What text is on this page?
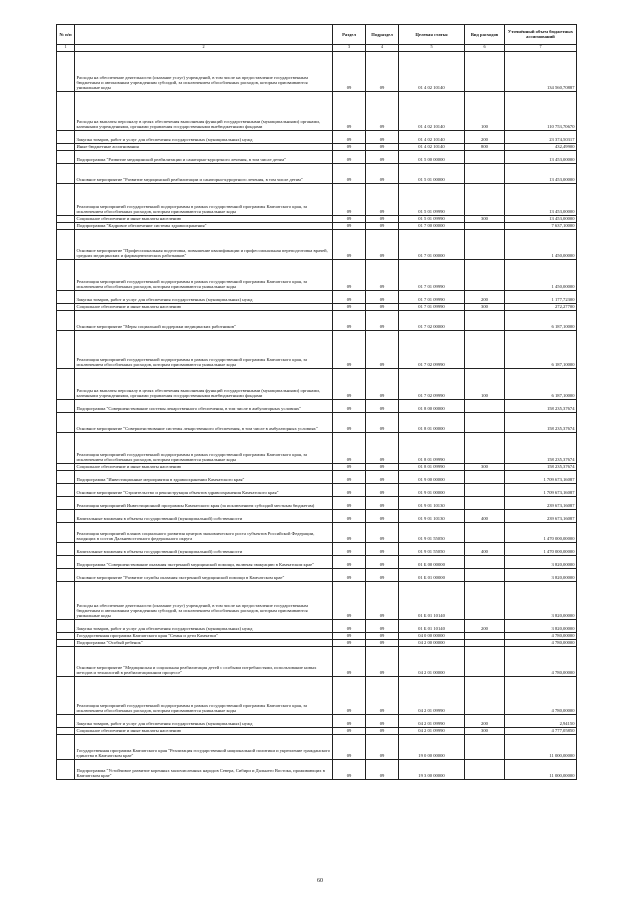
№ п/п		Раздел	Подраздел	Целевая статья	Вид расходов	Уточнённый объем бюджетных ассигнований
1	2	3	4	5	6	7
	Расходы на обеспечение деятельности (оказание услуг) учреждений, в том числе на предоставление государственным бюджетным и автономным учреждениям субсидий, за исключением обособленных расходов, которым присваиваются уникальные коды	09	09	01 4 02 10140		134 560,70887
	Расходы на выплаты персоналу в целях обеспечения выполнения функций государственными (муниципальными) органами, казенными учреждениями, органами управления государственными внебюджетными фондами	09	09	01 4 02 10140	100	110 753,70670
	Закупка товаров, работ и услуг для обеспечения государственных (муниципальных) нужд	09	09	01 4 02 10140	200	23 374,50317
	Иные бюджетные ассигнования	09	09	01 4 02 10140	800	432,49900
	Подпрограмма "Развитие медицинской реабилитации и санаторно-курортного лечения, в том числе детям"	09	09	01 5 00 00000		13 453,00000
	Основное мероприятие "Развитие медицинской реабилитации и санаторно-курортного лечения, в том числе детям"	09	09	01 5 01 00000		13 453,00000
	Реализация мероприятий государственной подпрограммы в рамках государственной программы Камчатского края, за исключением обособленных расходов, которым присваиваются уникальные коды	09	09	01 5 01 09990		13 453,00000
	Социальное обеспечение и иные выплаты населению	09	09	01 5 01 09990	300	13 453,00000
	Подпрограмма "Кадровое обеспечение системы здравоохранения"	09	09	01 7 00 00000		7 637,10000
	Основное мероприятие "Профессиональная подготовка, повышение квалификации и профессиональная переподготовка врачей, средних медицинских и фармацевтических работников"	09	09	01 7 01 00000		1 450,00000
	Реализация мероприятий государственной подпрограммы в рамках государственной программы Камчатского края, за исключением обособленных расходов, которым присваиваются уникальные коды	09	09	01 7 01 09990		1 450,00000
	Закупка товаров, работ и услуг для обеспечения государственных (муниципальных) нужд	09	09	01 7 01 09990	200	1 177,72300
	Социальное обеспечение и иные выплаты населению	09	09	01 7 01 09990	300	272,27700
	Основное мероприятие "Меры социальной поддержки медицинских работников"	09	09	01 7 02 00000		6 187,10000
	Реализация мероприятий государственной подпрограммы в рамках государственной программы Камчатского края, за исключением обособленных расходов, которым присваиваются уникальные коды	09	09	01 7 02 09990		6 187,10000
	Расходы на выплаты персоналу в целях обеспечения выполнения функций государственными (муниципальными) органами, казенными учреждениями, органами управления государственными внебюджетными фондами	09	09	01 7 02 09990	100	6 187,10000
	Подпрограмма "Совершенствование системы лекарственного обеспечения, в том числе в амбулаторных условиях"	09	09	01 8 00 00000		158 235,37674
	Основное мероприятие "Совершенствование системы лекарственного обеспечения, в том числе в амбулаторных условиях"	09	09	01 8 01 00000		158 235,37674
	Реализация мероприятий государственной подпрограммы в рамках государственной программы Камчатского края, за исключением обособленных расходов, которым присваиваются уникальные коды	09	09	01 8 01 09990		158 235,37674
	Социальное обеспечение и иные выплаты населению	09	09	01 8 01 09990	300	158 235,37674
	Подпрограмма "Инвестиционные мероприятия в здравоохранении Камчатского края"	09	09	01 9 00 00000		1 709 673,16087
	Основное мероприятие "Строительство и реконструкция объектов здравоохранения Камчатского края"	09	09	01 9 01 00000		1 709 673,16087
	Реализация мероприятий Инвестиционной программы Камчатского края (за исключением субсидий местным бюджетам)	09	09	01 9 01 10130		239 673,16087
	Капитальные вложения в объекты государственной (муниципальной) собственности	09	09	01 9 01 10130	400	239 673,16087
	Реализация мероприятий планов социального развития центров экономического роста субъектов Российской Федерации, входящих в состав Дальневосточного федерального округа	09	09	01 9 01 55050		1 470 000,00000
	Капитальные вложения в объекты государственной (муниципальной) собственности	09	09	01 9 01 55050	400	1 470 000,00000
	Подпрограмма "Совершенствование оказания экстренной медицинской помощи, включая эвакуацию в Камчатском крае"	09	09	01 Б 00 00000		3 820,00000
	Основное мероприятие "Развитие службы оказания экстренной медицинской помощи в Камчатском крае"	09	09	01 Б 01 00000		3 820,00000
	Расходы на обеспечение деятельности (оказание услуг) учреждений, в том числе на предоставление государственным бюджетным и автономным учреждениям субсидий, за исключением обособленных расходов, которым присваиваются уникальные коды	09	09	01 Б 01 10140		3 820,00000
	Закупка товаров, работ и услуг для обеспечения государственных (муниципальных) нужд	09	09	01 Б 01 10140	200	3 820,00000
	Государственная программа Камчатского края "Семья и дети Камчатки"	09	09	04 0 00 00000		4 780,00000
	Подпрограмма "Особый ребенок"	09	09	04 2 00 00000		4 780,00000
	Основное мероприятие "Медицинская и социальная реабилитация детей с особыми потребностями, использование новых методов и технологий в реабилитационном процессе"	09	09	04 2 01 00000		4 780,00000
	Реализация мероприятий государственной подпрограммы в рамках государственной программы Камчатского края, за исключением обособленных расходов, которым присваиваются уникальные коды	09	09	04 2 01 09990		4 780,00000
	Закупка товаров, работ и услуг для обеспечения государственных (муниципальных) нужд	09	09	04 2 01 09990	200	2,94150
	Социальное обеспечение и иные выплаты населению	09	09	04 2 01 09990	300	4 777,05850
	Государственная программа Камчатского края "Реализация государственной национальной политики и укрепление гражданского единства в Камчатском крае"	09	09	19 0 00 00000		11 000,00000
	Подпрограмма "Устойчивое развитие коренных малочисленных народов Севера, Сибири и Дальнего Востока, проживающих в Камчатском крае"	09	09	19 3 00 00000		11 000,00000
60
